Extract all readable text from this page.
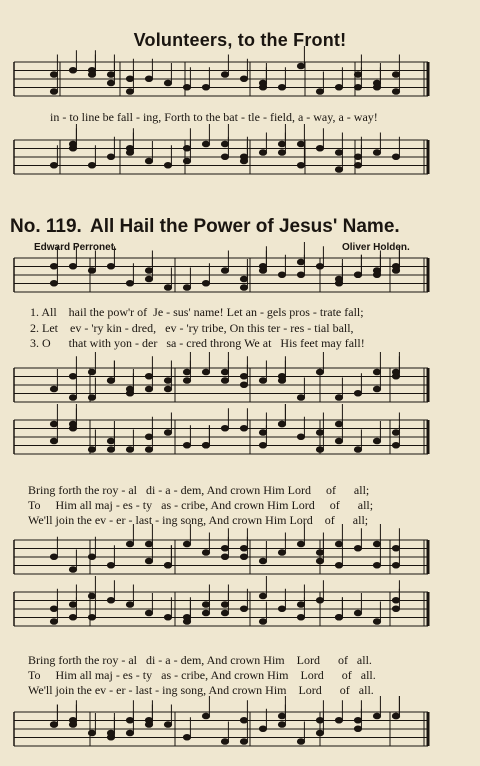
Volunteers, to the Front!
in - to line be fall - ing, Forth to the bat - tle - field, a - way, a - way!
No. 119. All Hail the Power of Jesus' Name.
Edward Perronet.	Oliver Holden.
1. All    hail the pow'r of  Je - sus' name! Let an - gels pros - trate fall;
2. Let    ev - 'ry kin - dred,   ev - 'ry tribe, On this ter - res - tial ball,
3. O      that with yon - der   sa - cred throng We at   His feet may fall!
Bring forth the roy - al   di - a - dem, And crown Him Lord     of      all;
To     Him all maj - es - ty   as - cribe, And crown Him Lord     of      all;
We'll join the ev - er - last - ing song, And crown Him Lord    of      all;
Bring forth the roy - al   di - a - dem, And crown Him    Lord      of   all.
To     Him all maj - es - ty   as - cribe, And crown Him    Lord      of   all.
We'll join the ev - er - last - ing song, And crown Him    Lord      of   all.
